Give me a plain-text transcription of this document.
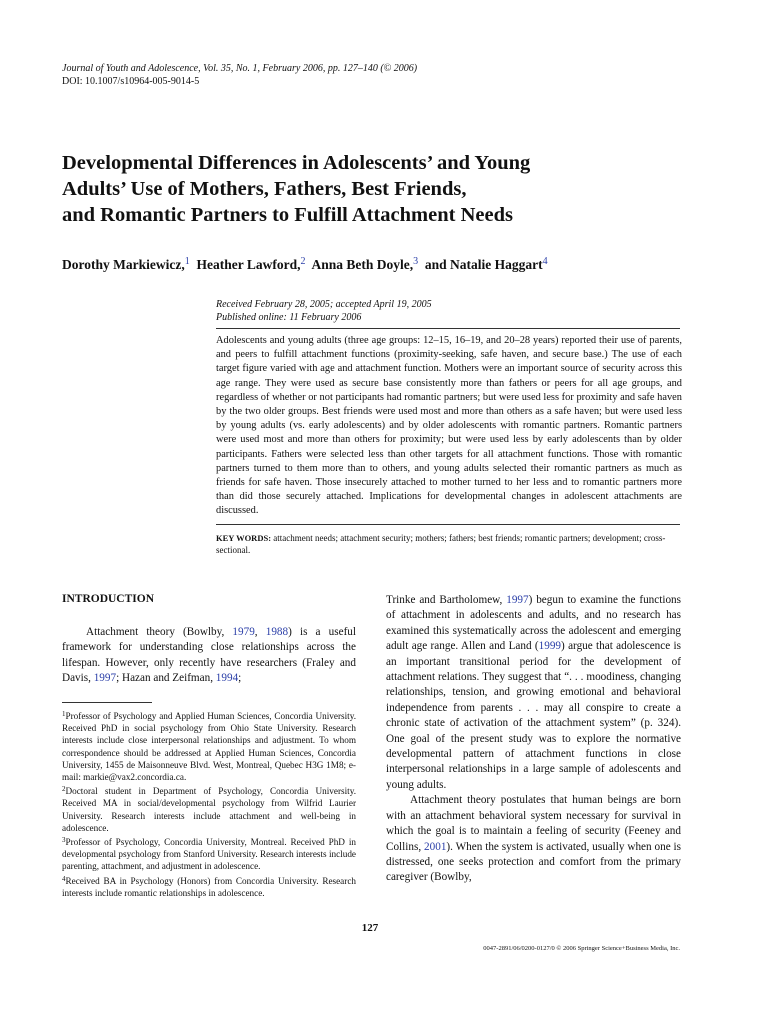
Journal of Youth and Adolescence, Vol. 35, No. 1, February 2006, pp. 127–140 (© 2006)
DOI: 10.1007/s10964-005-9014-5
Developmental Differences in Adolescents’ and Young
Adults’ Use of Mothers, Fathers, Best Friends,
and Romantic Partners to Fulfill Attachment Needs
Dorothy Markiewicz,$^1$ Heather Lawford,$^2$ Anna Beth Doyle,$^3$ and Natalie Haggart$^4$
Received February 28, 2005; accepted April 19, 2005
Published online: 11 February 2006
Adolescents and young adults (three age groups: 12–15, 16–19, and 20–28 years) reported their use of parents, and peers to fulfill attachment functions (proximity-seeking, safe haven, and secure base.) The use of each target figure varied with age and attachment function. Mothers were an important source of security across this age range. They were used as secure base consistently more than fathers or peers for all age groups, and regardless of whether or not participants had romantic partners; but were used less for proximity and safe haven by the two older groups. Best friends were used most and more than others as a safe haven; but were used less by young adults (vs. early adolescents) and by older adolescents with romantic partners. Romantic partners were used most and more than others for proximity; but were used less by early adolescents than by older participants. Fathers were selected less than other targets for all attachment functions. Those with romantic partners turned to them more than to others, and young adults selected their romantic partners as much as friends for safe haven. Those insecurely attached to mother turned to her less and to romantic partners more than did those securely attached. Implications for developmental changes in adolescent attachments are discussed.
KEY WORDS: attachment needs; attachment security; mothers; fathers; best friends; romantic partners; development; cross-sectional.
INTRODUCTION

Attachment theory (Bowlby, 1979, 1988) is a useful framework for understanding close relationships across the lifespan. However, only recently have researchers (Fraley and Davis, 1997; Hazan and Zeifman, 1994;

$^1$Professor of Psychology and Applied Human Sciences, Concordia University. Received PhD in social psychology from Ohio State University. Research interests include close interpersonal relationships and adjustment. To whom correspondence should be addressed at Applied Human Sciences, Concordia University, 1455 de Maisonneuve Blvd. West, Montreal, Quebec H3G 1M8; e-mail: markie@vax2.concordia.ca.

$^2$Doctoral student in Department of Psychology, Concordia University. Received MA in social/developmental psychology from Wilfrid Laurier University. Research interests include attachment and well-being in adolescence.

$^3$Professor of Psychology, Concordia University, Montreal. Received PhD in developmental psychology from Stanford University. Research interests include parenting, attachment, and adjustment in adolescence.

$^4$Received BA in Psychology (Honors) from Concordia University. Research interests include romantic relationships in adolescence.

Trinke and Bartholomew, 1997) begun to examine the functions of attachment in adolescents and adults, and no research has examined this systematically across the adolescent and emerging adult age range. Allen and Land (1999) argue that adolescence is an important transitional period for the development of attachment relations. They suggest that “. . . moodiness, changing relationships, tension, and growing emotional and behavioral independence from parents . . . may all conspire to create a chronic state of activation of the attachment system” (p. 324). One goal of the present study was to explore the normative developmental pattern of attachment functions in close interpersonal relationships in a large sample of adolescents and young adults.

Attachment theory postulates that human beings are born with an attachment behavioral system necessary for survival in which the goal is to maintain a feeling of security (Feeney and Collins, 2001). When the system is activated, usually when one is distressed, one seeks protection and comfort from the primary caregiver (Bowlby,

127
0047-2891/06/0200-0127/0 © 2006 Springer Science+Business Media, Inc.
